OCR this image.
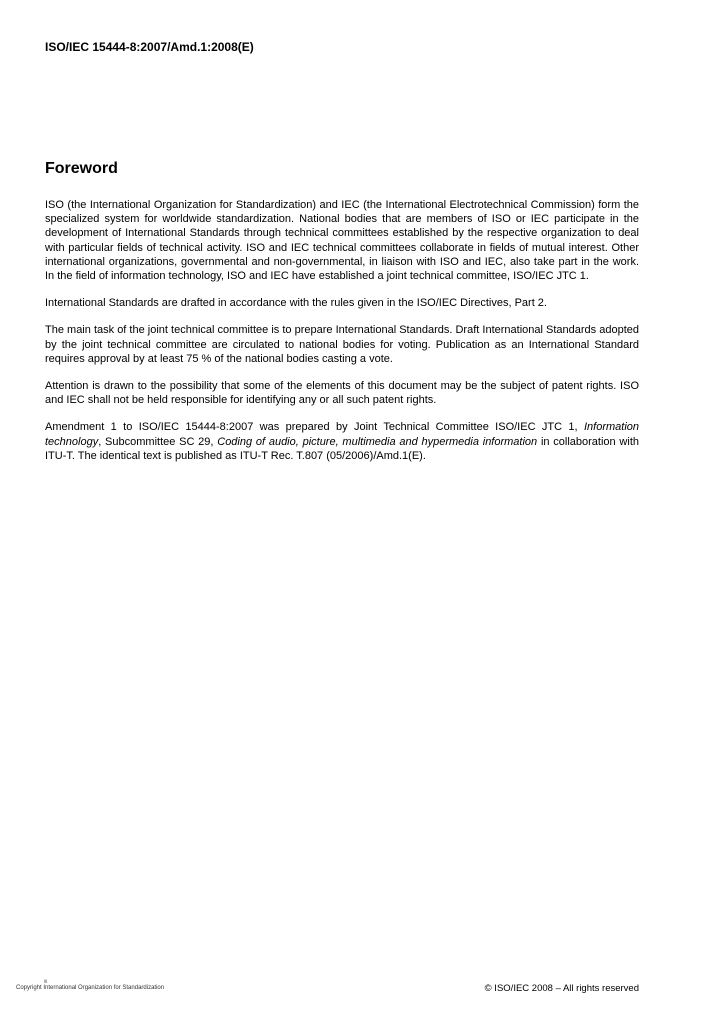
ISO/IEC 15444-8:2007/Amd.1:2008(E)
Foreword

ISO (the International Organization for Standardization) and IEC (the International Electrotechnical Commission) form the specialized system for worldwide standardization. National bodies that are members of ISO or IEC participate in the development of International Standards through technical committees established by the respective organization to deal with particular fields of technical activity. ISO and IEC technical committees collaborate in fields of mutual interest. Other international organizations, governmental and non-governmental, in liaison with ISO and IEC, also take part in the work. In the field of information technology, ISO and IEC have established a joint technical committee, ISO/IEC JTC 1.

International Standards are drafted in accordance with the rules given in the ISO/IEC Directives, Part 2.

The main task of the joint technical committee is to prepare International Standards. Draft International Standards adopted by the joint technical committee are circulated to national bodies for voting. Publication as an International Standard requires approval by at least 75 % of the national bodies casting a vote.

Attention is drawn to the possibility that some of the elements of this document may be the subject of patent rights. ISO and IEC shall not be held responsible for identifying any or all such patent rights.

Amendment 1 to ISO/IEC 15444-8:2007 was prepared by Joint Technical Committee ISO/IEC JTC 1, Information technology, Subcommittee SC 29, Coding of audio, picture, multimedia and hypermedia information in collaboration with ITU-T. The identical text is published as ITU-T Rec. T.807 (05/2006)/Amd.1(E).

iii
Copyright International Organization for Standardization	© ISO/IEC 2008 – All rights reserved
